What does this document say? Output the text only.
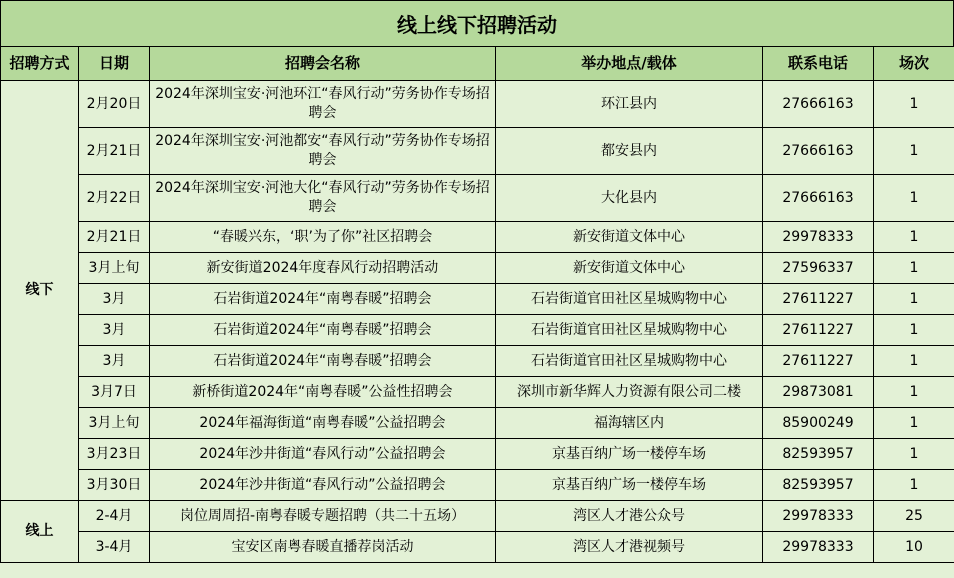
线上线下招聘活动
招聘方式	日期	招聘会名称	举办地点/载体	联系电话	场次
线下	2月20日	2024年深圳宝安·河池环江“春风行动”劳务协作专场招聘会	环江县内	27666163	1
	2月21日	2024年深圳宝安·河池都安“春风行动”劳务协作专场招聘会	都安县内	27666163	1
	2月22日	2024年深圳宝安·河池大化“春风行动”劳务协作专场招聘会	大化县内	27666163	1
	2月21日	“春暖兴东，‘职’为了你”社区招聘会	新安街道文体中心	29978333	1
	3月上旬	新安街道2024年度春风行动招聘活动	新安街道文体中心	27596337	1
	3月	石岩街道2024年“南粤春暖”招聘会	石岩街道官田社区星城购物中心	27611227	1
	3月	石岩街道2024年“南粤春暖”招聘会	石岩街道官田社区星城购物中心	27611227	1
	3月	石岩街道2024年“南粤春暖”招聘会	石岩街道官田社区星城购物中心	27611227	1
	3月7日	新桥街道2024年“南粤春暖”公益性招聘会	深圳市新华辉人力资源有限公司二楼	29873081	1
	3月上旬	2024年福海街道“南粤春暖”公益招聘会	福海辖区内	85900249	1
	3月23日	2024年沙井街道“春风行动”公益招聘会	京基百纳广场一楼停车场	82593957	1
	3月30日	2024年沙井街道“春风行动”公益招聘会	京基百纳广场一楼停车场	82593957	1
线上	2-4月	岗位周周招-南粤春暖专题招聘（共二十五场）	湾区人才港公众号	29978333	25
	3-4月	宝安区南粤春暖直播荐岗活动	湾区人才港视频号	29978333	10
